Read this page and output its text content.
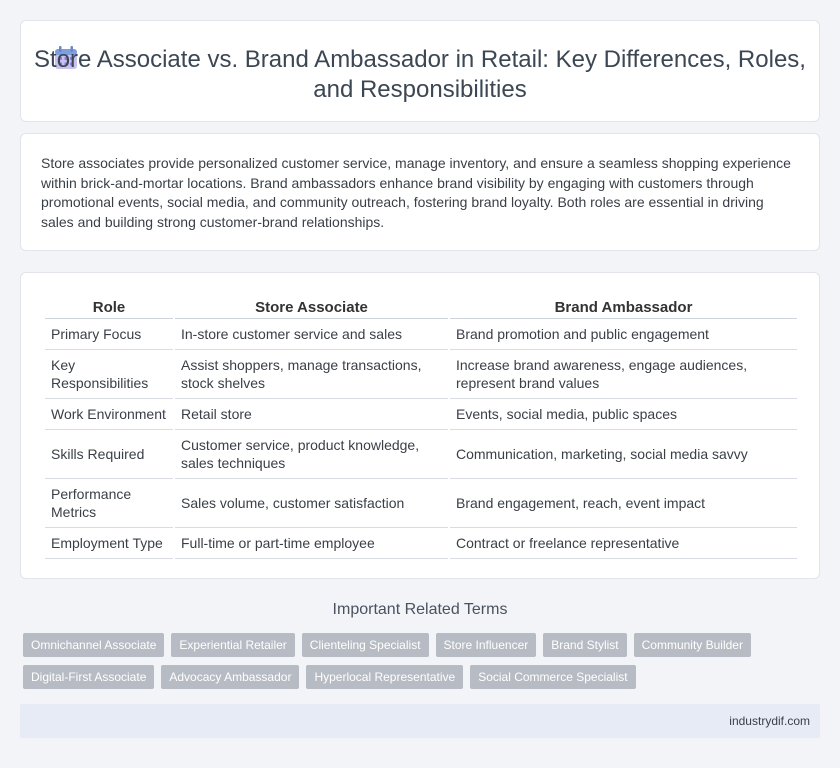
Store Associate vs. Brand Ambassador in Retail: Key Differences, Roles, and Responsibilities

Store associates provide personalized customer service, manage inventory, and ensure a seamless shopping experience within brick-and-mortar locations. Brand ambassadors enhance brand visibility by engaging with customers through promotional events, social media, and community outreach, fostering brand loyalty. Both roles are essential in driving sales and building strong customer-brand relationships.

Role	Store Associate	Brand Ambassador
Primary Focus	In-store customer service and sales	Brand promotion and public engagement
Key Responsibilities	Assist shoppers, manage transactions, stock shelves	Increase brand awareness, engage audiences, represent brand values
Work Environment	Retail store	Events, social media, public spaces
Skills Required	Customer service, product knowledge, sales techniques	Communication, marketing, social media savvy
Performance Metrics	Sales volume, customer satisfaction	Brand engagement, reach, event impact
Employment Type	Full-time or part-time employee	Contract or freelance representative
Important Related Terms
Omnichannel Associate	Experiential Retailer	Clienteling Specialist	Store Influencer	Brand Stylist	Community Builder
Digital-First Associate	Advocacy Ambassador	Hyperlocal Representative	Social Commerce Specialist
industrydif.com
